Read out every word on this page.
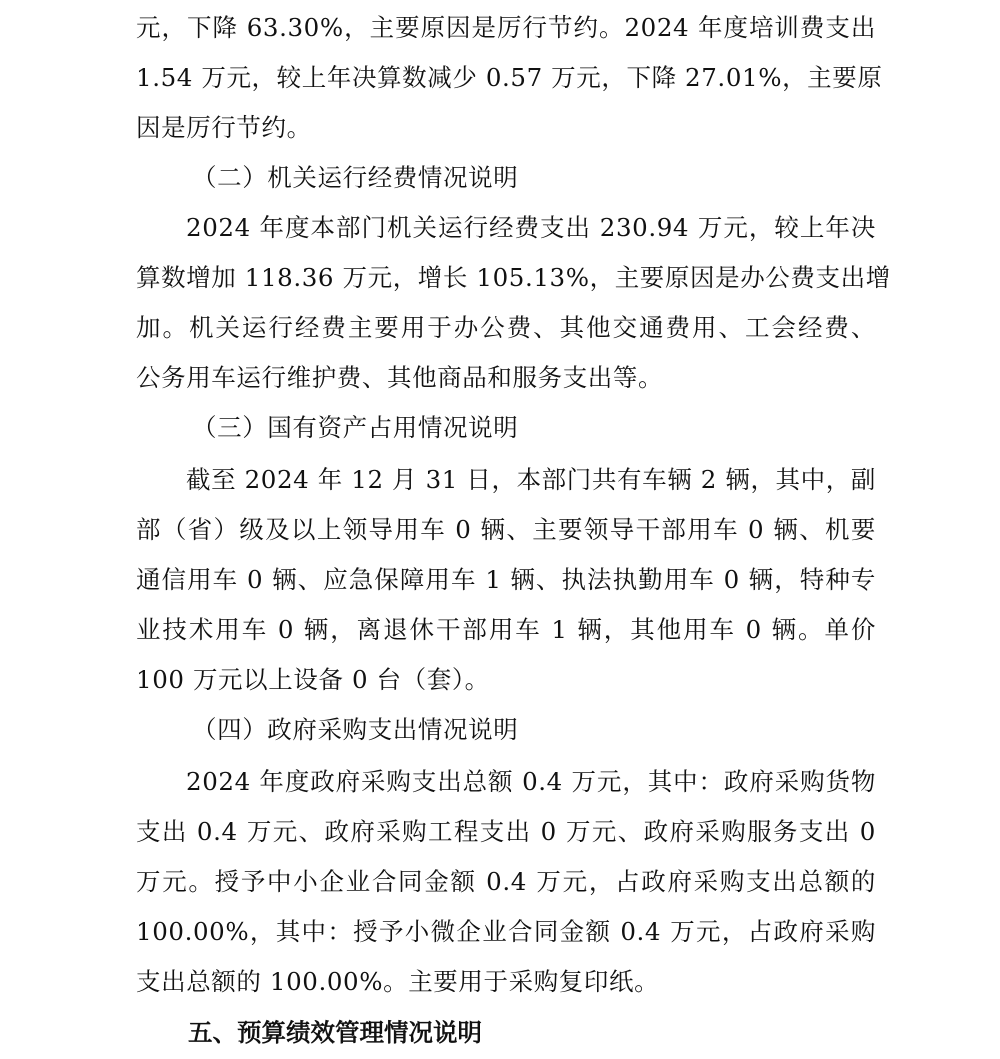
元，下降 63.30%，主要原因是厉行节约。2024 年度培训费支出
1.54 万元，较上年决算数减少 0.57 万元，下降 27.01%，主要原
因是厉行节约。
（二）机关运行经费情况说明
2024 年度本部门机关运行经费支出 230.94 万元，较上年决
算数增加 118.36 万元，增长 105.13%，主要原因是办公费支出增
加。机关运行经费主要用于办公费、其他交通费用、工会经费、
公务用车运行维护费、其他商品和服务支出等。
（三）国有资产占用情况说明
截至 2024 年 12 月 31 日，本部门共有车辆 2 辆，其中，副
部（省）级及以上领导用车 0 辆、主要领导干部用车 0 辆、机要
通信用车 0 辆、应急保障用车 1 辆、执法执勤用车 0 辆，特种专
业技术用车 0 辆，离退休干部用车 1 辆，其他用车 0 辆。单价
100 万元以上设备 0 台（套）。
（四）政府采购支出情况说明
2024 年度政府采购支出总额 0.4 万元，其中：政府采购货物
支出 0.4 万元、政府采购工程支出 0 万元、政府采购服务支出 0
万元。授予中小企业合同金额 0.4 万元，占政府采购支出总额的
100.00%，其中：授予小微企业合同金额 0.4 万元，占政府采购
支出总额的 100.00%。主要用于采购复印纸。
五、预算绩效管理情况说明
